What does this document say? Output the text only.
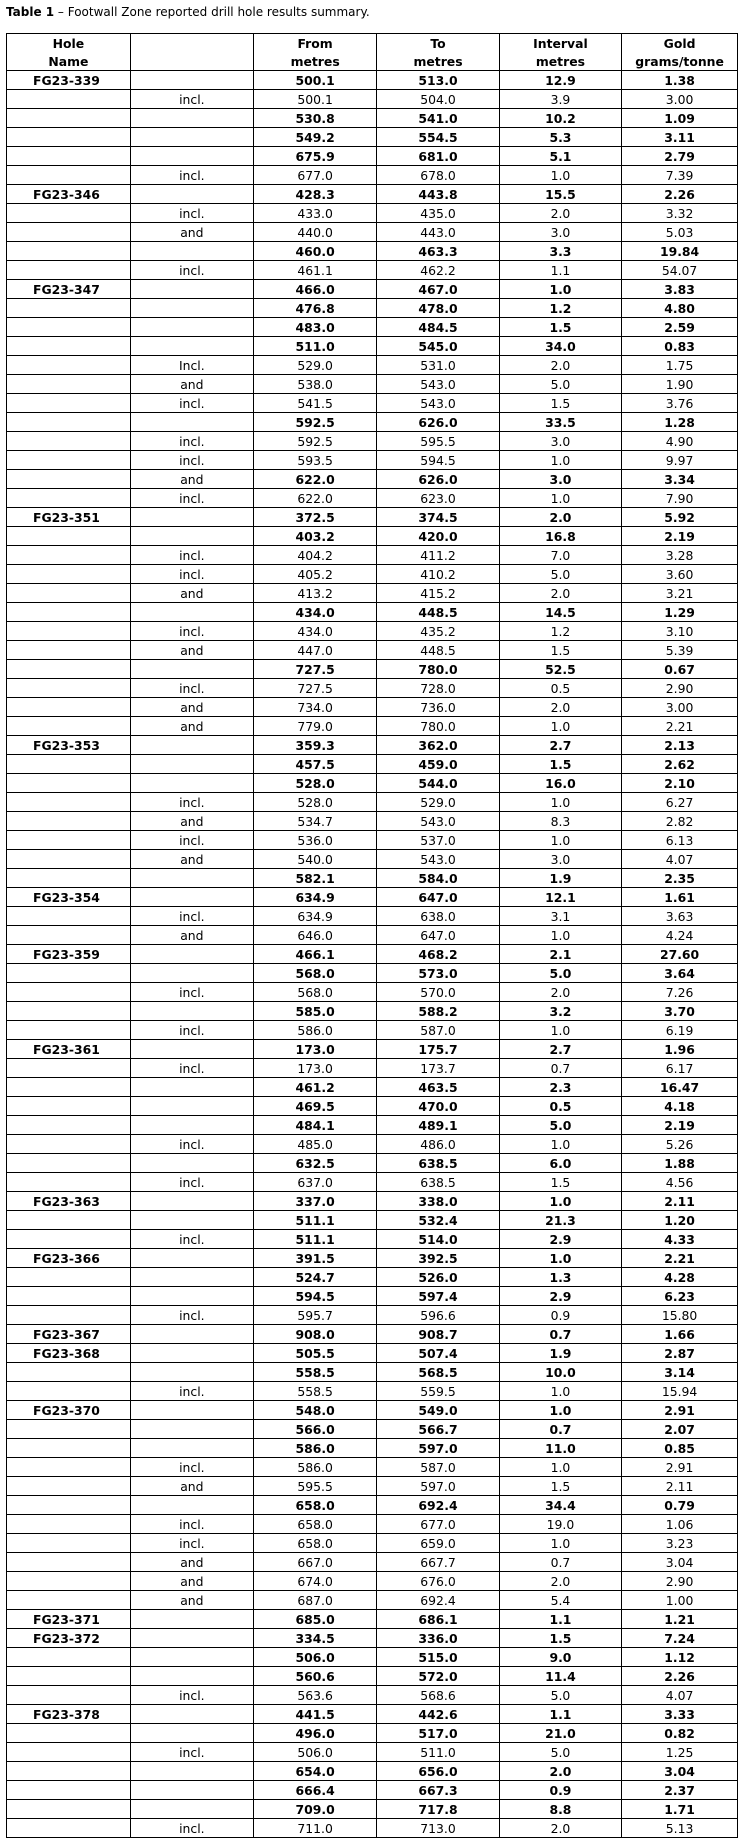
Table 1 – Footwall Zone reported drill hole results summary.
Hole		From	To	Interval	Gold
Name		metres	metres	metres	grams/tonne
FG23-339		500.1	513.0	12.9	1.38
	incl.	500.1	504.0	3.9	3.00
		530.8	541.0	10.2	1.09
		549.2	554.5	5.3	3.11
		675.9	681.0	5.1	2.79
	incl.	677.0	678.0	1.0	7.39
FG23-346		428.3	443.8	15.5	2.26
	incl.	433.0	435.0	2.0	3.32
	and	440.0	443.0	3.0	5.03
		460.0	463.3	3.3	19.84
	incl.	461.1	462.2	1.1	54.07
FG23-347		466.0	467.0	1.0	3.83
		476.8	478.0	1.2	4.80
		483.0	484.5	1.5	2.59
		511.0	545.0	34.0	0.83
	Incl.	529.0	531.0	2.0	1.75
	and	538.0	543.0	5.0	1.90
	incl.	541.5	543.0	1.5	3.76
		592.5	626.0	33.5	1.28
	incl.	592.5	595.5	3.0	4.90
	incl.	593.5	594.5	1.0	9.97
	and	622.0	626.0	3.0	3.34
	incl.	622.0	623.0	1.0	7.90
FG23-351		372.5	374.5	2.0	5.92
		403.2	420.0	16.8	2.19
	incl.	404.2	411.2	7.0	3.28
	incl.	405.2	410.2	5.0	3.60
	and	413.2	415.2	2.0	3.21
		434.0	448.5	14.5	1.29
	incl.	434.0	435.2	1.2	3.10
	and	447.0	448.5	1.5	5.39
		727.5	780.0	52.5	0.67
	incl.	727.5	728.0	0.5	2.90
	and	734.0	736.0	2.0	3.00
	and	779.0	780.0	1.0	2.21
FG23-353		359.3	362.0	2.7	2.13
		457.5	459.0	1.5	2.62
		528.0	544.0	16.0	2.10
	incl.	528.0	529.0	1.0	6.27
	and	534.7	543.0	8.3	2.82
	incl.	536.0	537.0	1.0	6.13
	and	540.0	543.0	3.0	4.07
		582.1	584.0	1.9	2.35
FG23-354		634.9	647.0	12.1	1.61
	incl.	634.9	638.0	3.1	3.63
	and	646.0	647.0	1.0	4.24
FG23-359		466.1	468.2	2.1	27.60
		568.0	573.0	5.0	3.64
	incl.	568.0	570.0	2.0	7.26
		585.0	588.2	3.2	3.70
	incl.	586.0	587.0	1.0	6.19
FG23-361		173.0	175.7	2.7	1.96
	incl.	173.0	173.7	0.7	6.17
		461.2	463.5	2.3	16.47
		469.5	470.0	0.5	4.18
		484.1	489.1	5.0	2.19
	incl.	485.0	486.0	1.0	5.26
		632.5	638.5	6.0	1.88
	incl.	637.0	638.5	1.5	4.56
FG23-363		337.0	338.0	1.0	2.11
		511.1	532.4	21.3	1.20
	incl.	511.1	514.0	2.9	4.33
FG23-366		391.5	392.5	1.0	2.21
		524.7	526.0	1.3	4.28
		594.5	597.4	2.9	6.23
	incl.	595.7	596.6	0.9	15.80
FG23-367		908.0	908.7	0.7	1.66
FG23-368		505.5	507.4	1.9	2.87
		558.5	568.5	10.0	3.14
	incl.	558.5	559.5	1.0	15.94
FG23-370		548.0	549.0	1.0	2.91
		566.0	566.7	0.7	2.07
		586.0	597.0	11.0	0.85
	incl.	586.0	587.0	1.0	2.91
	and	595.5	597.0	1.5	2.11
		658.0	692.4	34.4	0.79
	incl.	658.0	677.0	19.0	1.06
	incl.	658.0	659.0	1.0	3.23
	and	667.0	667.7	0.7	3.04
	and	674.0	676.0	2.0	2.90
	and	687.0	692.4	5.4	1.00
FG23-371		685.0	686.1	1.1	1.21
FG23-372		334.5	336.0	1.5	7.24
		506.0	515.0	9.0	1.12
		560.6	572.0	11.4	2.26
	incl.	563.6	568.6	5.0	4.07
FG23-378		441.5	442.6	1.1	3.33
		496.0	517.0	21.0	0.82
	incl.	506.0	511.0	5.0	1.25
		654.0	656.0	2.0	3.04
		666.4	667.3	0.9	2.37
		709.0	717.8	8.8	1.71
	incl.	711.0	713.0	2.0	5.13
